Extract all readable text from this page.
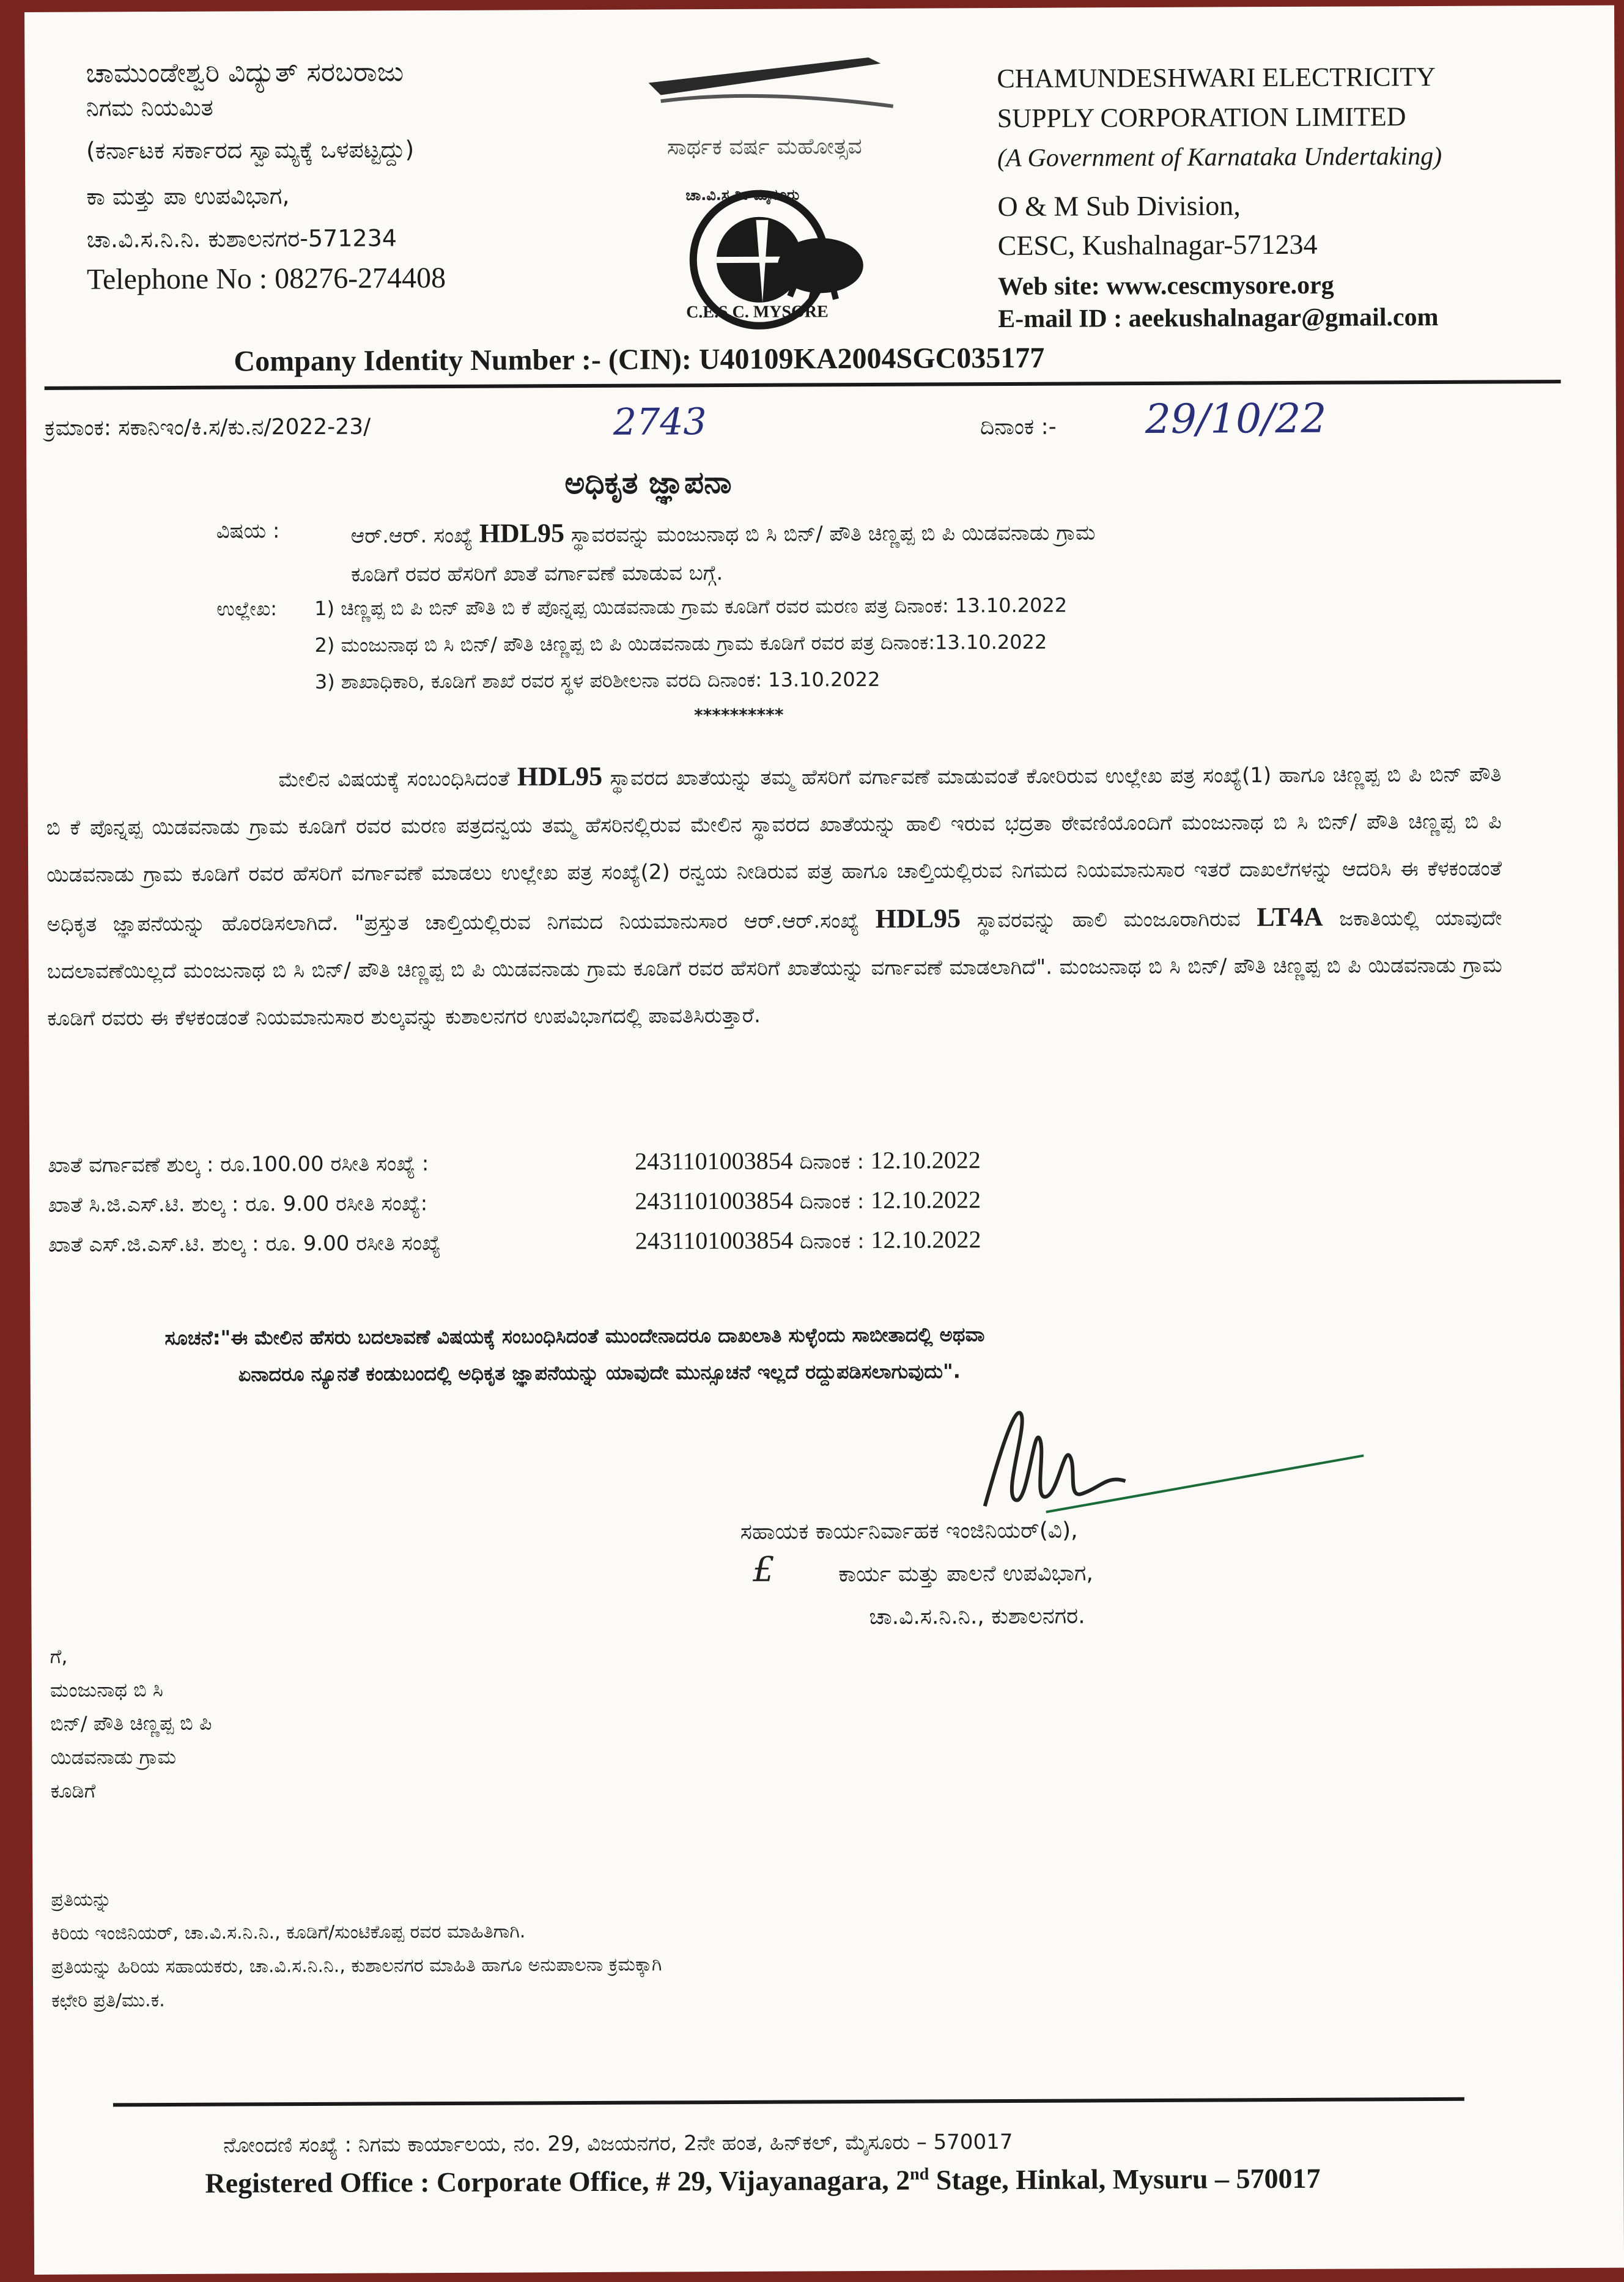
ಚಾಮುಂಡೇಶ್ವರಿ ವಿದ್ಯುತ್ ಸರಬರಾಜು
ನಿಗಮ ನಿಯಮಿತ
(ಕರ್ನಾಟಕ ಸರ್ಕಾರದ ಸ್ವಾಮ್ಯಕ್ಕೆ ಒಳಪಟ್ಟದ್ದು)
ಕಾ ಮತ್ತು ಪಾ ಉಪವಿಭಾಗ,
ಚಾ.ವಿ.ಸ.ನಿ.ನಿ. ಕುಶಾಲನಗರ-571234
Telephone No : 08276-274408
ಸಾರ್ಥಕ ವರ್ಷ ಮಹೋತ್ಸವ
ಚಾ.ವಿ.ಸ.ನಿ. ಮೈಸೂರು
C.E.S.C. MYSORE
CHAMUNDESHWARI ELECTRICITY
SUPPLY CORPORATION LIMITED
(A Government of Karnataka Undertaking)
O & M Sub Division,
CESC, Kushalnagar-571234
Web site: www.cescmysore.org
E-mail ID : aeekushalnagar@gmail.com
Company Identity Number :- (CIN): U40109KA2004SGC035177
ಕ್ರಮಾಂಕ: ಸಕಾನಿಇಂ/ಕಿ.ಸ/ಕು.ನ/2022-23/	2743	ದಿನಾಂಕ :- 29/10/22
ಅಧಿಕೃತ ಜ್ಞಾಪನಾ
ವಿಷಯ :	ಆರ್.ಆರ್. ಸಂಖ್ಯೆ HDL95 ಸ್ಥಾವರವನ್ನು ಮಂಜುನಾಥ ಬಿ ಸಿ ಬಿನ್/ ಪೌತಿ ಚಿಣ್ಣಪ್ಪ ಬಿ ಪಿ ಯಿಡವನಾಡು ಗ್ರಾಮ
ಕೂಡಿಗೆ ರವರ ಹೆಸರಿಗೆ ಖಾತೆ ವರ್ಗಾವಣೆ ಮಾಡುವ ಬಗ್ಗೆ.
ಉಲ್ಲೇಖ: 1) ಚಿಣ್ಣಪ್ಪ ಬಿ ಪಿ ಬಿನ್ ಪೌತಿ ಬಿ ಕೆ ಪೊನ್ನಪ್ಪ ಯಿಡವನಾಡು ಗ್ರಾಮ ಕೂಡಿಗೆ ರವರ ಮರಣ ಪತ್ರ ದಿನಾಂಕ: 13.10.2022
2) ಮಂಜುನಾಥ ಬಿ ಸಿ ಬಿನ್/ ಪೌತಿ ಚಿಣ್ಣಪ್ಪ ಬಿ ಪಿ ಯಿಡವನಾಡು ಗ್ರಾಮ ಕೂಡಿಗೆ ರವರ ಪತ್ರ ದಿನಾಂಕ:13.10.2022
3) ಶಾಖಾಧಿಕಾರಿ, ಕೂಡಿಗೆ ಶಾಖೆ ರವರ ಸ್ಥಳ ಪರಿಶೀಲನಾ ವರದಿ ದಿನಾಂಕ: 13.10.2022
**********
ಮೇಲಿನ ವಿಷಯಕ್ಕೆ ಸಂಬಂಧಿಸಿದಂತೆ HDL95 ಸ್ಥಾವರದ ಖಾತೆಯನ್ನು ತಮ್ಮ ಹೆಸರಿಗೆ ವರ್ಗಾವಣೆ ಮಾಡುವಂತೆ ಕೋರಿರುವ ಉಲ್ಲೇಖ ಪತ್ರ ಸಂಖ್ಯೆ(1) ಹಾಗೂ ಚಿಣ್ಣಪ್ಪ ಬಿ ಪಿ ಬಿನ್ ಪೌತಿ ಬಿ ಕೆ ಪೊನ್ನಪ್ಪ ಯಿಡವನಾಡು ಗ್ರಾಮ ಕೂಡಿಗೆ ರವರ ಮರಣ ಪತ್ರದನ್ವಯ ತಮ್ಮ ಹೆಸರಿನಲ್ಲಿರುವ ಮೇಲಿನ ಸ್ಥಾವರದ ಖಾತೆಯನ್ನು ಹಾಲಿ ಇರುವ ಭದ್ರತಾ ಠೇವಣಿಯೊಂದಿಗೆ ಮಂಜುನಾಥ ಬಿ ಸಿ ಬಿನ್/ ಪೌತಿ ಚಿಣ್ಣಪ್ಪ ಬಿ ಪಿ ಯಿಡವನಾಡು ಗ್ರಾಮ ಕೂಡಿಗೆ ರವರ ಹೆಸರಿಗೆ ವರ್ಗಾವಣೆ ಮಾಡಲು ಉಲ್ಲೇಖ ಪತ್ರ ಸಂಖ್ಯೆ(2) ರನ್ವಯ ನೀಡಿರುವ ಪತ್ರ ಹಾಗೂ ಚಾಲ್ತಿಯಲ್ಲಿರುವ ನಿಗಮದ ನಿಯಮಾನುಸಾರ ಇತರೆ ದಾಖಲೆಗಳನ್ನು ಆದರಿಸಿ ಈ ಕೆಳಕಂಡಂತೆ ಅಧಿಕೃತ ಜ್ಞಾಪನೆಯನ್ನು ಹೊರಡಿಸಲಾಗಿದೆ. "ಪ್ರಸ್ತುತ ಚಾಲ್ತಿಯಲ್ಲಿರುವ ನಿಗಮದ ನಿಯಮಾನುಸಾರ ಆರ್.ಆರ್.ಸಂಖ್ಯೆ HDL95 ಸ್ಥಾವರವನ್ನು ಹಾಲಿ ಮಂಜೂರಾಗಿರುವ LT4A ಜಕಾತಿಯಲ್ಲಿ ಯಾವುದೇ ಬದಲಾವಣೆಯಿಲ್ಲದೆ ಮಂಜುನಾಥ ಬಿ ಸಿ ಬಿನ್/ ಪೌತಿ ಚಿಣ್ಣಪ್ಪ ಬಿ ಪಿ ಯಿಡವನಾಡು ಗ್ರಾಮ ಕೂಡಿಗೆ ರವರ ಹೆಸರಿಗೆ ಖಾತೆಯನ್ನು ವರ್ಗಾವಣೆ ಮಾಡಲಾಗಿದೆ". ಮಂಜುನಾಥ ಬಿ ಸಿ ಬಿನ್/ ಪೌತಿ ಚಿಣ್ಣಪ್ಪ ಬಿ ಪಿ ಯಿಡವನಾಡು ಗ್ರಾಮ ಕೂಡಿಗೆ ರವರು ಈ ಕೆಳಕಂಡಂತೆ ನಿಯಮಾನುಸಾರ ಶುಲ್ಕವನ್ನು ಕುಶಾಲನಗರ ಉಪವಿಭಾಗದಲ್ಲಿ ಪಾವತಿಸಿರುತ್ತಾರೆ.
ಖಾತೆ ವರ್ಗಾವಣೆ ಶುಲ್ಕ : ರೂ.100.00 ರಸೀತಿ ಸಂಖ್ಯೆ :	2431101003854 ದಿನಾಂಕ : 12.10.2022
ಖಾತೆ ಸಿ.ಜಿ.ಎಸ್.ಟಿ. ಶುಲ್ಕ : ರೂ. 9.00 ರಸೀತಿ ಸಂಖ್ಯೆ:	2431101003854 ದಿನಾಂಕ : 12.10.2022
ಖಾತೆ ಎಸ್.ಜಿ.ಎಸ್.ಟಿ. ಶುಲ್ಕ : ರೂ. 9.00 ರಸೀತಿ ಸಂಖ್ಯೆ	2431101003854 ದಿನಾಂಕ : 12.10.2022
ಸೂಚನೆ:"ಈ ಮೇಲಿನ ಹೆಸರು ಬದಲಾವಣೆ ವಿಷಯಕ್ಕೆ ಸಂಬಂಧಿಸಿದಂತೆ ಮುಂದೇನಾದರೂ ದಾಖಲಾತಿ ಸುಳ್ಳೆಂದು ಸಾಬೀತಾದಲ್ಲಿ ಅಥವಾ
ಏನಾದರೂ ನ್ಯೂನತೆ ಕಂಡುಬಂದಲ್ಲಿ ಅಧಿಕೃತ ಜ್ಞಾಪನೆಯನ್ನು ಯಾವುದೇ ಮುನ್ಸೂಚನೆ ಇಲ್ಲದೆ ರದ್ದುಪಡಿಸಲಾಗುವುದು".
ಸಹಾಯಕ ಕಾರ್ಯನಿರ್ವಾಹಕ ಇಂಜಿನಿಯರ್(ವಿ),
£	ಕಾರ್ಯ ಮತ್ತು ಪಾಲನೆ ಉಪವಿಭಾಗ,
ಚಾ.ವಿ.ಸ.ನಿ.ನಿ., ಕುಶಾಲನಗರ.
ಗೆ,
ಮಂಜುನಾಥ ಬಿ ಸಿ
ಬಿನ್/ ಪೌತಿ ಚಿಣ್ಣಪ್ಪ ಬಿ ಪಿ
ಯಿಡವನಾಡು ಗ್ರಾಮ
ಕೂಡಿಗೆ
ಪ್ರತಿಯನ್ನು
ಕಿರಿಯ ಇಂಜಿನಿಯರ್, ಚಾ.ವಿ.ಸ.ನಿ.ನಿ., ಕೂಡಿಗೆ/ಸುಂಟಿಕೊಪ್ಪ ರವರ ಮಾಹಿತಿಗಾಗಿ.
ಪ್ರತಿಯನ್ನು ಹಿರಿಯ ಸಹಾಯಕರು, ಚಾ.ವಿ.ಸ.ನಿ.ನಿ., ಕುಶಾಲನಗರ ಮಾಹಿತಿ ಹಾಗೂ ಅನುಪಾಲನಾ ಕ್ರಮಕ್ಕಾಗಿ
ಕಛೇರಿ ಪ್ರತಿ/ಮು.ಕ.
ನೋಂದಣಿ ಸಂಖ್ಯೆ : ನಿಗಮ ಕಾರ್ಯಾಲಯ, ನಂ. 29, ವಿಜಯನಗರ, 2ನೇ ಹಂತ, ಹಿನ್‌ಕಲ್, ಮೈಸೂರು – 570017
Registered Office : Corporate Office, # 29, Vijayanagara, 2nd Stage, Hinkal, Mysuru – 570017
